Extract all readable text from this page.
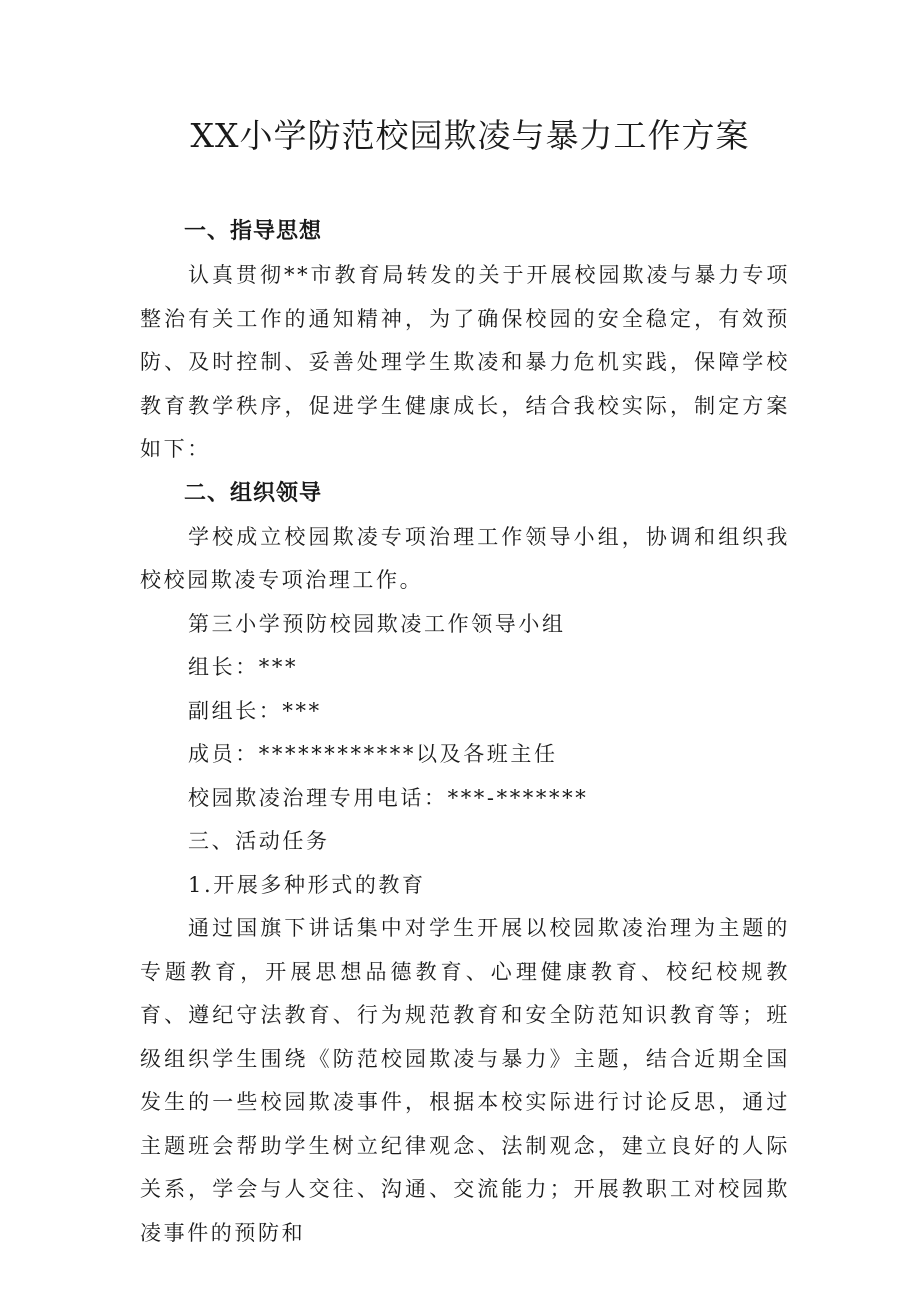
XX小学防范校园欺凌与暴力工作方案
一、指导思想

认真贯彻**市教育局转发的关于开展校园欺凌与暴力专项整治有关工作的通知精神，为了确保校园的安全稳定，有效预防、及时控制、妥善处理学生欺凌和暴力危机实践，保障学校教育教学秩序，促进学生健康成长，结合我校实际，制定方案如下：

二、组织领导

学校成立校园欺凌专项治理工作领导小组，协调和组织我校校园欺凌专项治理工作。

第三小学预防校园欺凌工作领导小组

组长：***

副组长：***

成员：************以及各班主任

校园欺凌治理专用电话：***-*******

三、活动任务

1.开展多种形式的教育

通过国旗下讲话集中对学生开展以校园欺凌治理为主题的专题教育，开展思想品德教育、心理健康教育、校纪校规教育、遵纪守法教育、行为规范教育和安全防范知识教育等；班级组织学生围绕《防范校园欺凌与暴力》主题，结合近期全国发生的一些校园欺凌事件，根据本校实际进行讨论反思，通过主题班会帮助学生树立纪律观念、法制观念，建立良好的人际关系，学会与人交往、沟通、交流能力；开展教职工对校园欺凌事件的预防和
